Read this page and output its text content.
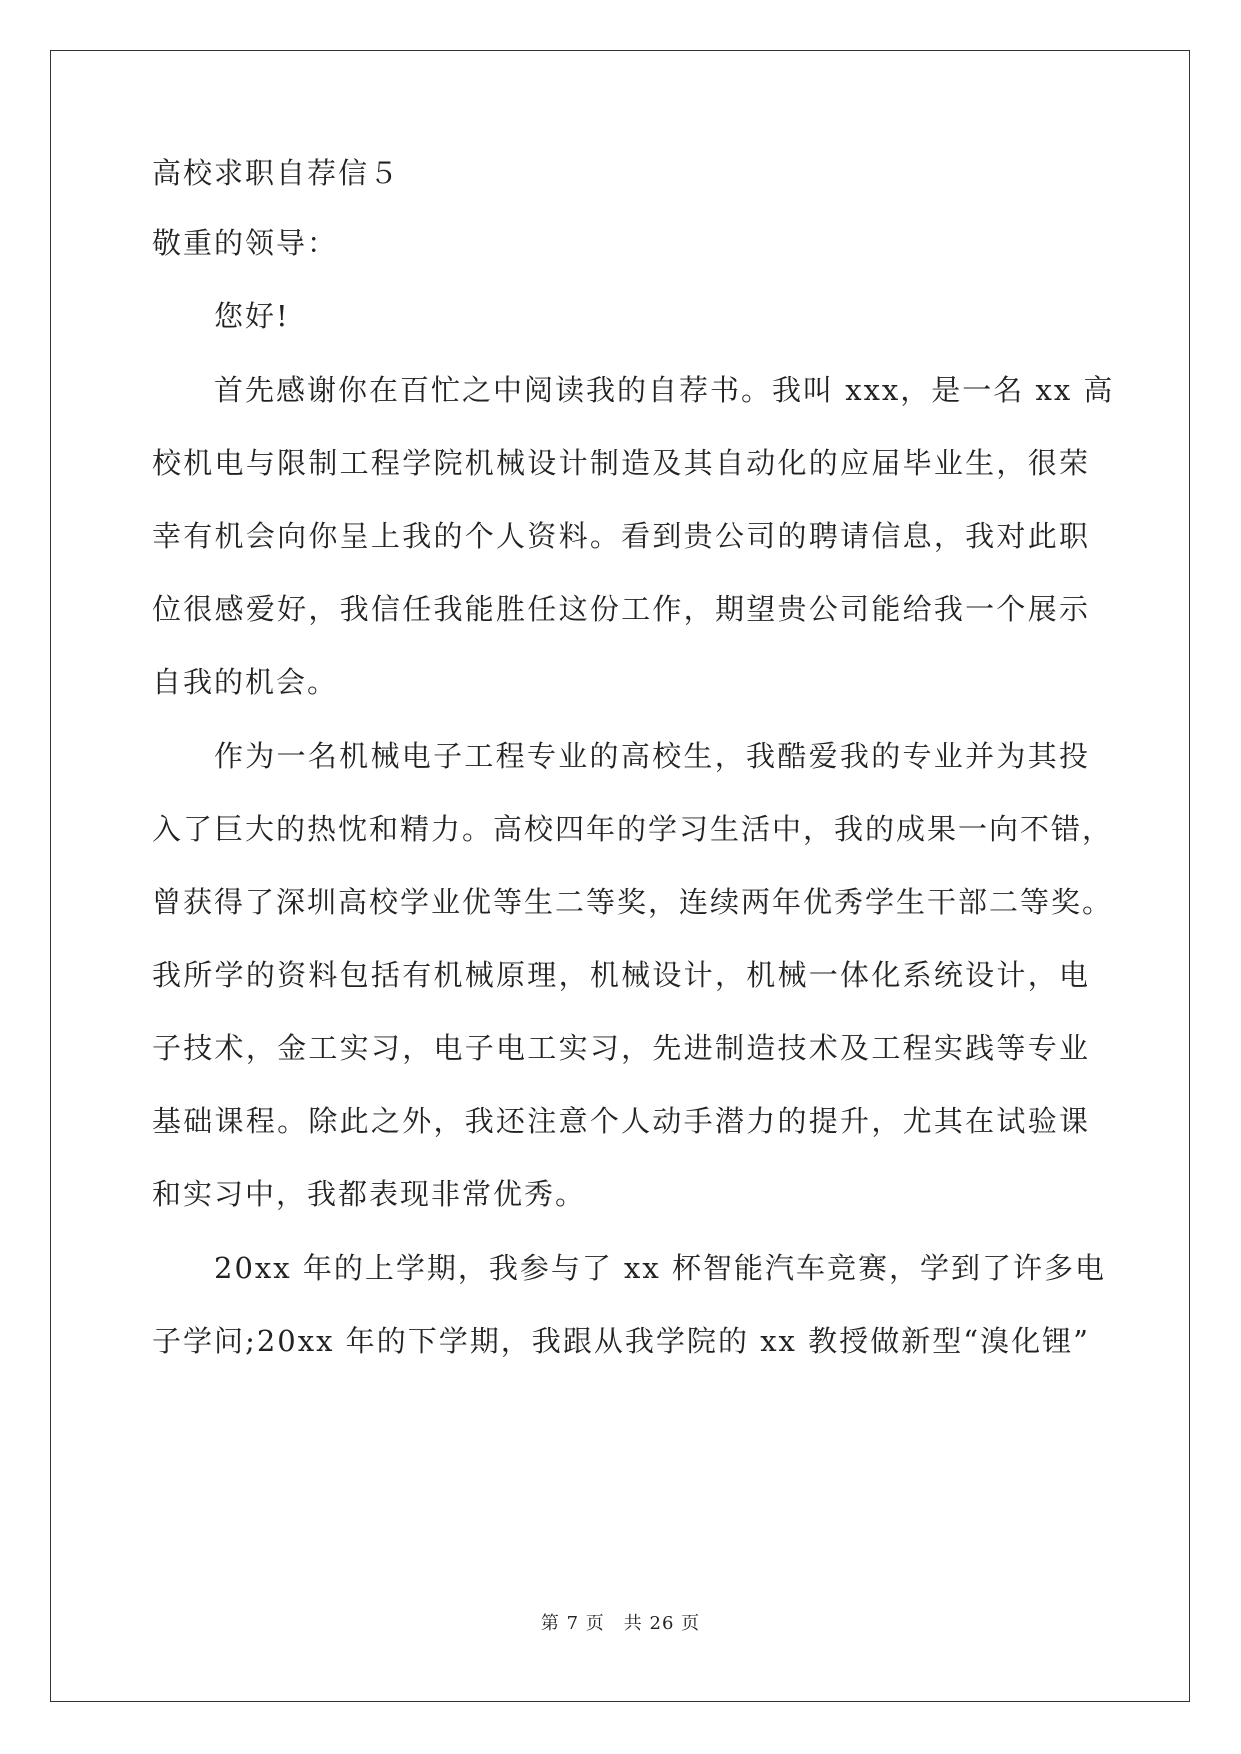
高校求职自荐信５
敬重的领导：
您好!
首先感谢你在百忙之中阅读我的自荐书。我叫 xxx，是一名 xx 高
校机电与限制工程学院机械设计制造及其自动化的应届毕业生，很荣
幸有机会向你呈上我的个人资料。看到贵公司的聘请信息，我对此职
位很感爱好，我信任我能胜任这份工作，期望贵公司能给我一个展示
自我的机会。
作为一名机械电子工程专业的高校生，我酷爱我的专业并为其投
入了巨大的热忱和精力。高校四年的学习生活中，我的成果一向不错，
曾获得了深圳高校学业优等生二等奖，连续两年优秀学生干部二等奖。
我所学的资料包括有机械原理，机械设计，机械一体化系统设计，电
子技术，金工实习，电子电工实习，先进制造技术及工程实践等专业
基础课程。除此之外，我还注意个人动手潜力的提升，尤其在试验课
和实习中，我都表现非常优秀。
20xx 年的上学期，我参与了 xx 杯智能汽车竞赛，学到了许多电
子学问;20xx 年的下学期，我跟从我学院的 xx 教授做新型“溴化锂”
第 7 页　共 26 页
